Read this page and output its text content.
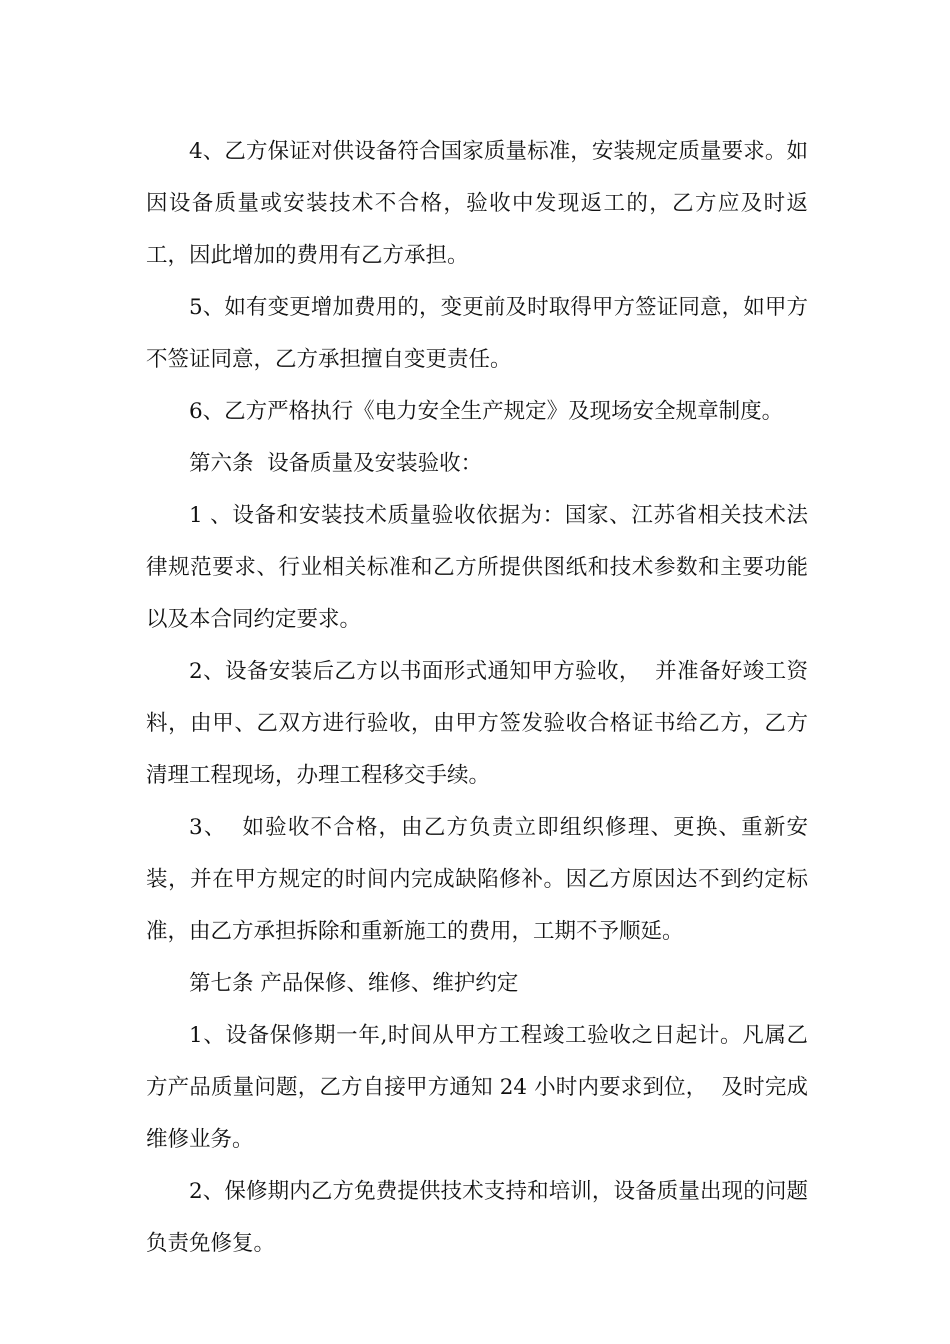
4、乙方保证对供设备符合国家质量标准，安装规定质量要求。如因设备质量或安装技术不合格，验收中发现返工的，乙方应及时返工，因此增加的费用有乙方承担。

5、如有变更增加费用的，变更前及时取得甲方签证同意，如甲方不签证同意，乙方承担擅自变更责任。

6、乙方严格执行《电力安全生产规定》及现场安全规章制度。

第六条  设备质量及安装验收：

1 、设备和安装技术质量验收依据为：国家、江苏省相关技术法律规范要求、行业相关标准和乙方所提供图纸和技术参数和主要功能以及本合同约定要求。

2、设备安装后乙方以书面形式通知甲方验收，  并准备好竣工资料，由甲、乙双方进行验收，由甲方签发验收合格证书给乙方，乙方清理工程现场，办理工程移交手续。

3、  如验收不合格，由乙方负责立即组织修理、更换、重新安装，并在甲方规定的时间内完成缺陷修补。因乙方原因达不到约定标准，由乙方承担拆除和重新施工的费用，工期不予顺延。

第七条 产品保修、维修、维护约定

1、设备保修期一年,时间从甲方工程竣工验收之日起计。凡属乙方产品质量问题，乙方自接甲方通知 24 小时内要求到位，  及时完成维修业务。

2、保修期内乙方免费提供技术支持和培训，设备质量出现的问题负责免修复。
